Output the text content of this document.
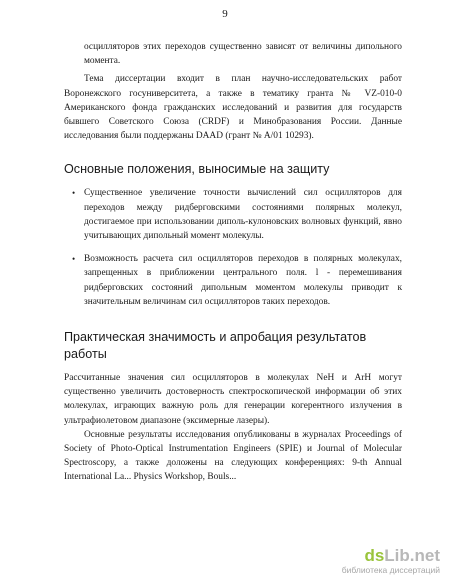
9

осцилляторов этих переходов существенно зависят от величины дипольного момента.

Тема диссертации входит в план научно-исследовательских работ Воронежского госуниверситета, а также в тематику гранта № VZ-010-0 Американского фонда гражданских исследований и развития для государств бывшего Советского Союза (CRDF) и Минобразования России. Данные исследования были поддержаны DAAD (грант № A/01 10293).

Основные положения, выносимые на защиту
• Существенное увеличение точности вычислений сил осцилляторов для переходов между ридберговскими состояниями полярных молекул, достигаемое при использовании диполь-кулоновских волновых функций, явно учитывающих дипольный момент молекулы.
• Возможность расчета сил осцилляторов переходов в полярных молекулах, запрещенных в приближении центрального поля. l - перемешивания ридберговских состояний дипольным моментом молекулы приводит к значительным величинам сил осцилляторов таких переходов.
Практическая значимость и апробация результатов работы

Рассчитанные значения сил осцилляторов в молекулах NeH и ArH могут существенно увеличить достоверность спектроскопической информации об этих молекулах, играющих важную роль для генерации когерентного излучения в ультрафиолетовом диапазоне (эксимерные лазеры).

Основные результаты исследования опубликованы в журналах Proceedings of Society of Photo-Optical Instrumentation Engineers (SPIE) и Journal of Molecular Spectroscopy, а также доложены на следующих конференциях: 9-th Annual International La... Physics Workshop, Bouls...

dsLib.net
библиотека диссертаций
